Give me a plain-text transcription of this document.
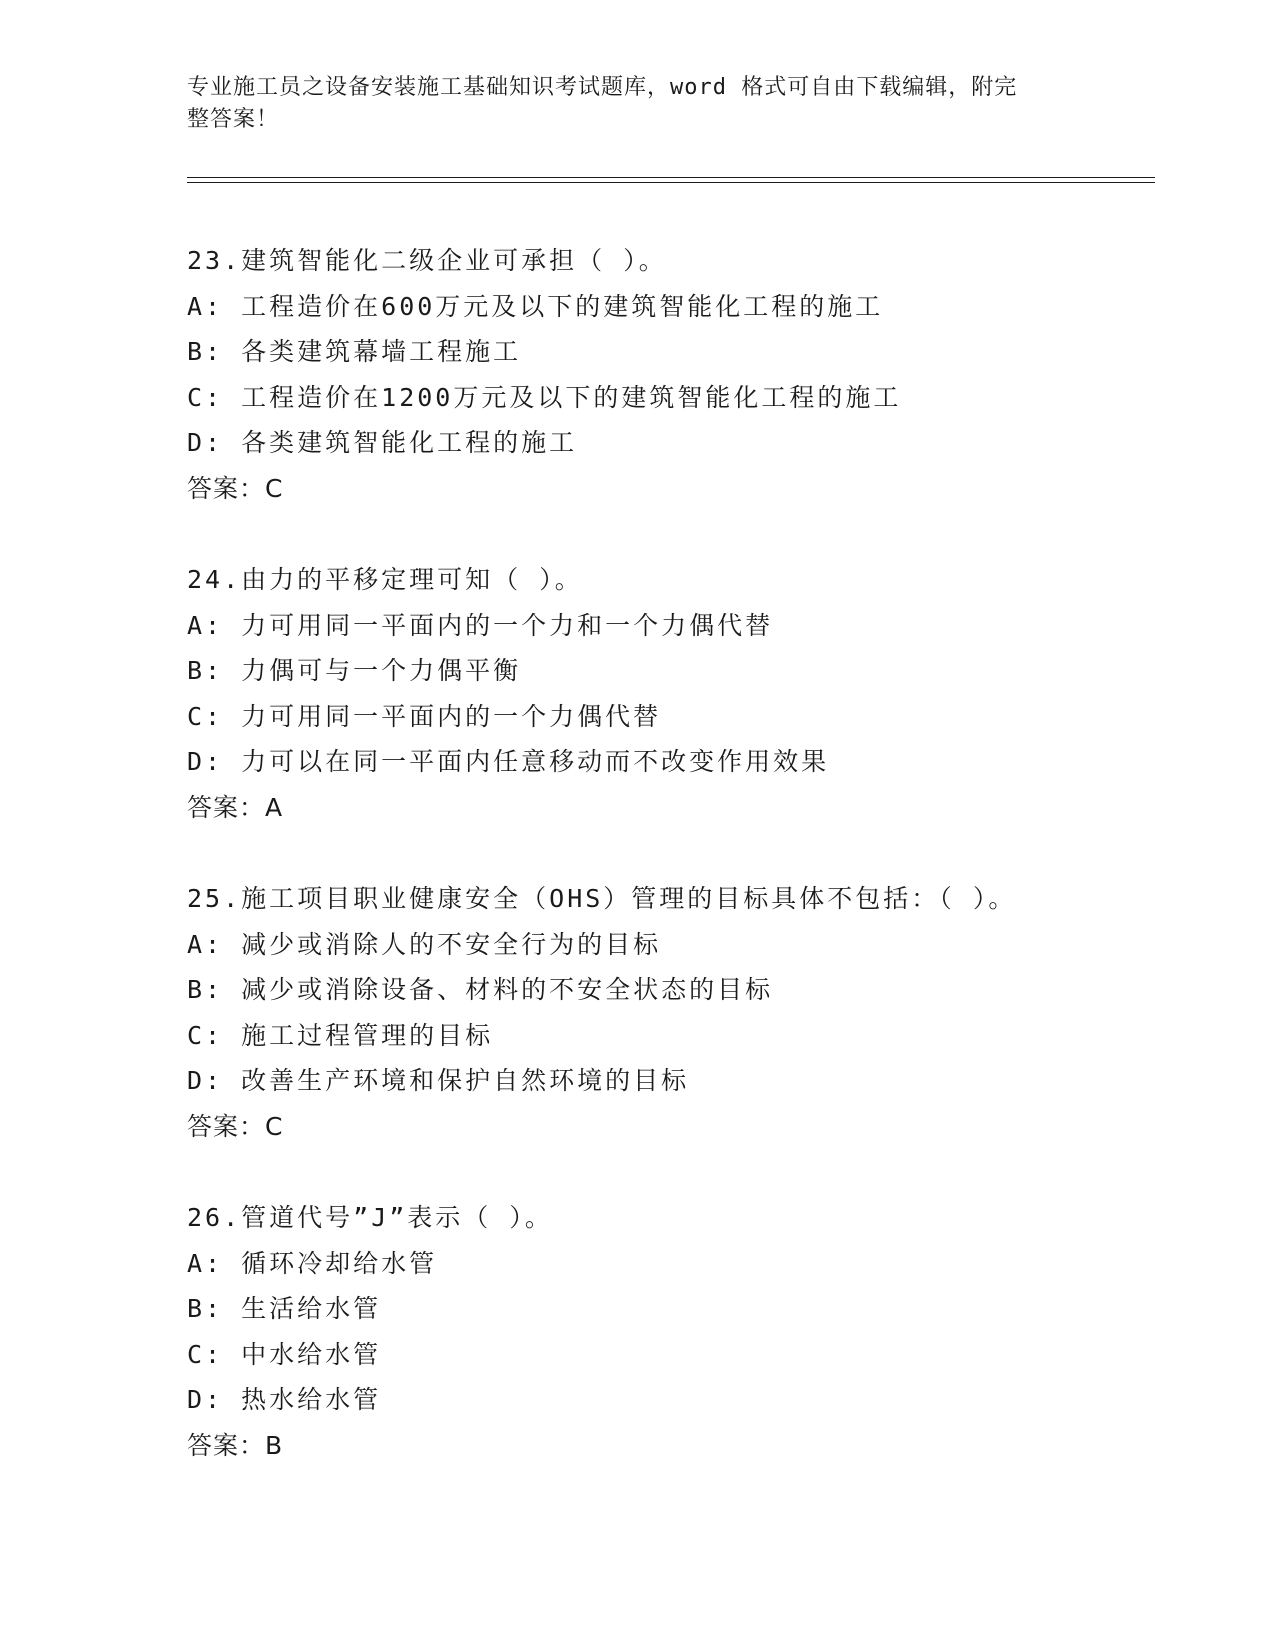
专业施工员之设备安装施工基础知识考试题库，word 格式可自由下载编辑，附完
整答案！
23.建筑智能化二级企业可承担（ ）。
A: 工程造价在600万元及以下的建筑智能化工程的施工
B: 各类建筑幕墙工程施工
C: 工程造价在1200万元及以下的建筑智能化工程的施工
D: 各类建筑智能化工程的施工
答案：C
24.由力的平移定理可知（ ）。
A: 力可用同一平面内的一个力和一个力偶代替
B: 力偶可与一个力偶平衡
C: 力可用同一平面内的一个力偶代替
D: 力可以在同一平面内任意移动而不改变作用效果
答案：A
25.施工项目职业健康安全（OHS）管理的目标具体不包括：（ ）。
A: 减少或消除人的不安全行为的目标
B: 减少或消除设备、材料的不安全状态的目标
C: 施工过程管理的目标
D: 改善生产环境和保护自然环境的目标
答案：C
26.管道代号”J”表示（ ）。
A: 循环冷却给水管
B: 生活给水管
C: 中水给水管
D: 热水给水管
答案：B
